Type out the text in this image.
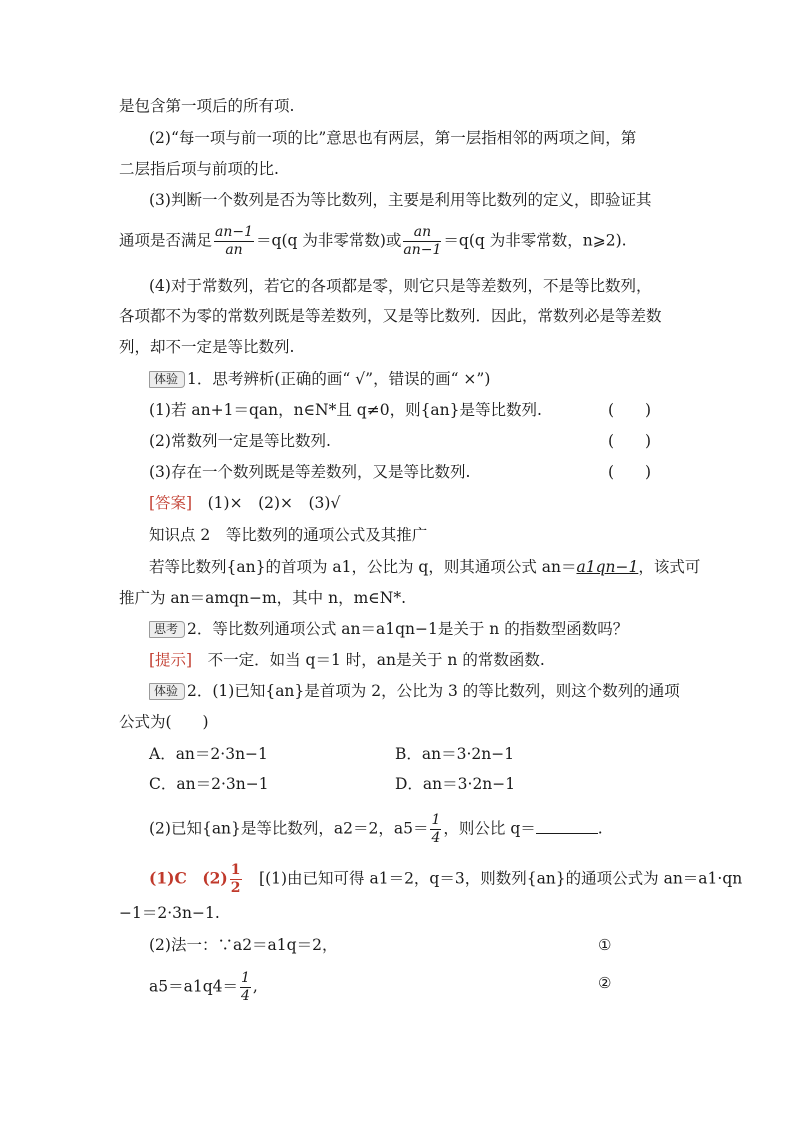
是包含第一项后的所有项.
(2)“每一项与前一项的比”意思也有两层，第一层指相邻的两项之间，第
二层指后项与前项的比.
(3)判断一个数列是否为等比数列，主要是利用等比数列的定义，即验证其
通项是否满足 $\frac{an-1}{an} =q(q$ 为非零常数)或 $\frac{an}{an-1} =q(q$ 为非零常数，n⩾2).
(4)对于常数列，若它的各项都是零，则它只是等差数列，不是等比数列，
各项都不为零的常数列既是等差数列，又是等比数列．因此，常数列必是等差数
列，却不一定是等比数列.
体验 1．思考辨析(正确的画“ √”，错误的画“ ×”)
(1)若 an+1＝qan，n∈N*且 q≠0，则{an}是等比数列.	(　　)
(2)常数列一定是等比数列.	(　　)
(3)存在一个数列既是等差数列，又是等比数列.	(　　)
[答案]　 (1)×　(2)×　(3)√
知识点 2　等比数列的通项公式及其推广
若等比数列{an}的首项为 a1，公比为 q，则其通项公式 an＝a1qn−1，该式可
推广为 an＝amqn−m，其中 n，m∈N*.
思考 2．等比数列通项公式 an＝a1qn−1是关于 n 的指数型函数吗？
[提示]　 不一定．如当 q＝1 时，an是关于 n 的常数函数.
体验 2．(1)已知{an}是首项为 2，公比为 3 的等比数列，则这个数列的通项
公式为(　　)
A．an＝2·3n−1	B．an＝3·2n−1
C．an＝2·3n−1	D．an＝3·2n−1
(2)已知{an}是等比数列，a2＝2，$a5= \frac{1}{4}$ ，则公比 q＝	.
(1)C　 $(2) \frac{1}{2}$
　 [(1)由已知可得 a1＝2，q＝3，则数列{an}的通项公式为 an＝a1·qn
−1＝2·3n−1.
(2)法一：∵a2＝a1q＝2，	①
$a5=a1q4= \frac{1}{4}$ ,	②
